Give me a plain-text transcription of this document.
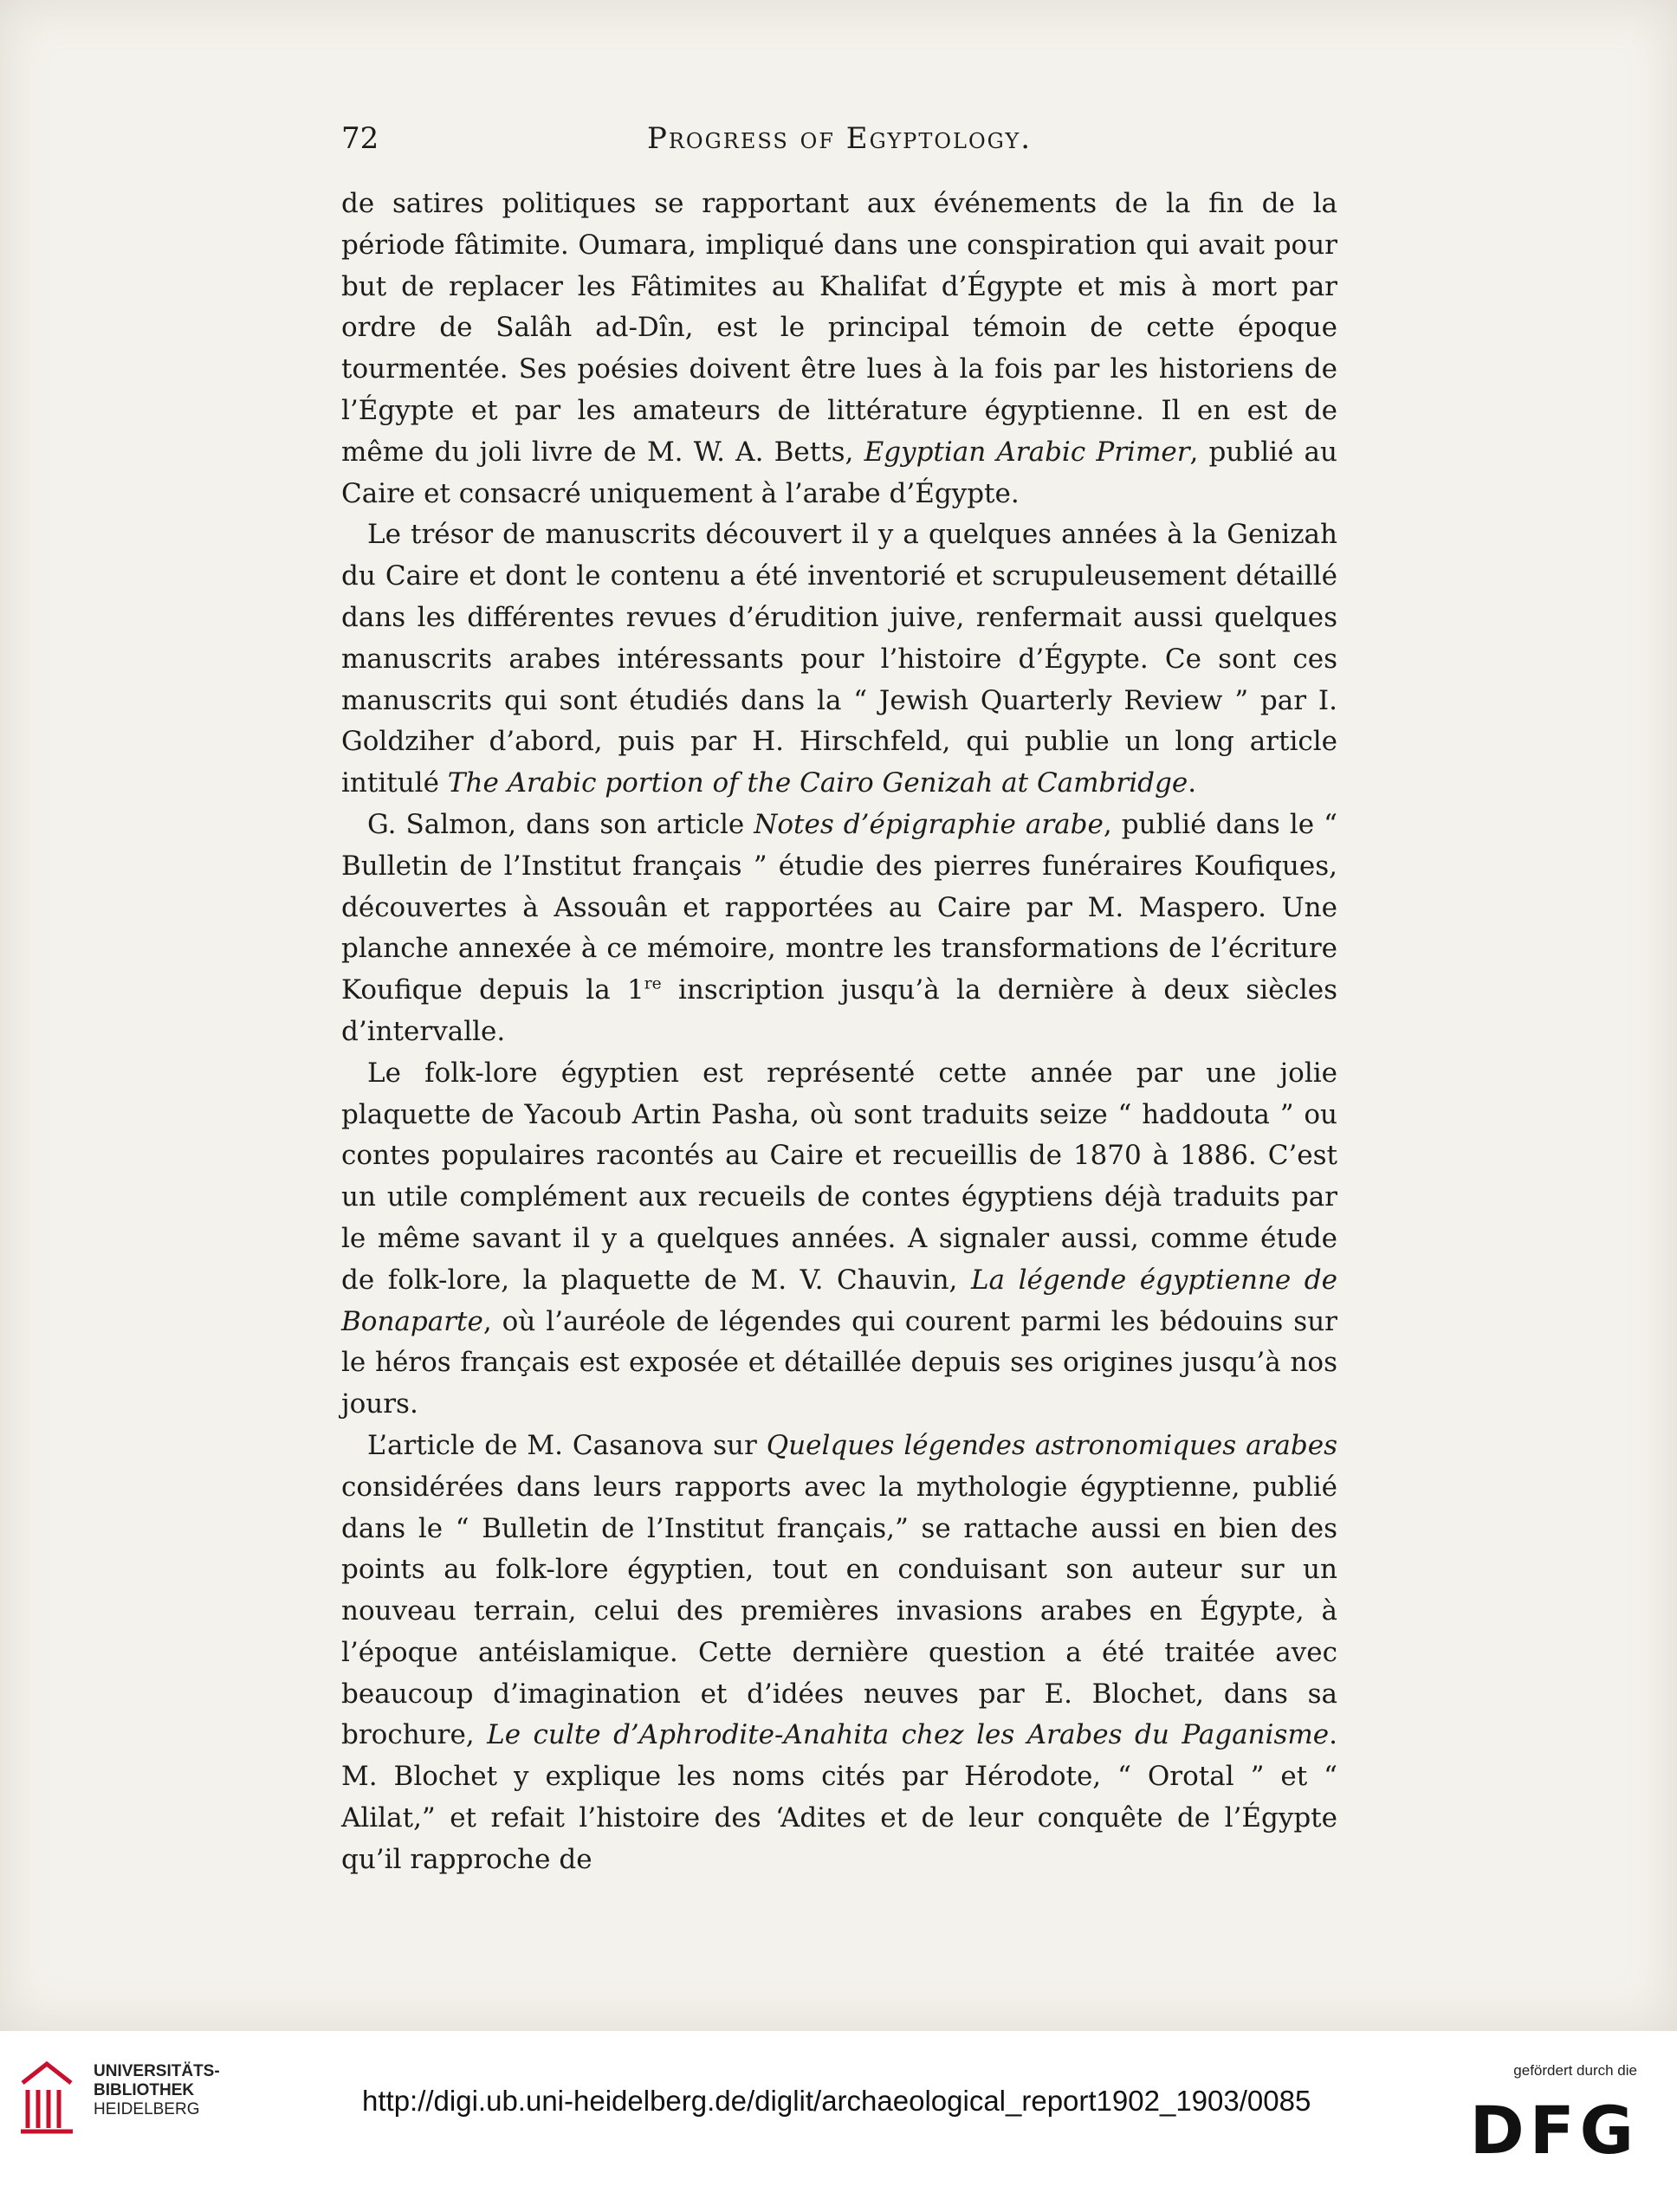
72	Progress of Egyptology.

de satires politiques se rapportant aux événements de la fin de la période fâtimite. Oumara, impliqué dans une conspiration qui avait pour but de replacer les Fâtimites au Khalifat d’Égypte et mis à mort par ordre de Salâh ad-Dîn, est le principal témoin de cette époque tourmentée. Ses poésies doivent être lues à la fois par les historiens de l’Égypte et par les amateurs de littérature égyptienne. Il en est de même du joli livre de M. W. A. Betts, Egyptian Arabic Primer, publié au Caire et consacré uniquement à l’arabe d’Égypte.

Le trésor de manuscrits découvert il y a quelques années à la Genizah du Caire et dont le contenu a été inventorié et scrupuleusement détaillé dans les différentes revues d’érudition juive, renfermait aussi quelques manuscrits arabes intéressants pour l’histoire d’Égypte. Ce sont ces manuscrits qui sont étudiés dans la “ Jewish Quarterly Review ” par I. Goldziher d’abord, puis par H. Hirschfeld, qui publie un long article intitulé The Arabic portion of the Cairo Genizah at Cambridge.

G. Salmon, dans son article Notes d’épigraphie arabe, publié dans le “ Bulletin de l’Institut français ” étudie des pierres funéraires Koufiques, découvertes à Assouân et rapportées au Caire par M. Maspero. Une planche annexée à ce mémoire, montre les transformations de l’écriture Koufique depuis la 1re inscription jusqu’à la dernière à deux siècles d’intervalle.

Le folk-lore égyptien est représenté cette année par une jolie plaquette de Yacoub Artin Pasha, où sont traduits seize “ haddouta ” ou contes populaires racontés au Caire et recueillis de 1870 à 1886. C’est un utile complément aux recueils de contes égyptiens déjà traduits par le même savant il y a quelques années. A signaler aussi, comme étude de folk-lore, la plaquette de M. V. Chauvin, La légende égyptienne de Bonaparte, où l’auréole de légendes qui courent parmi les bédouins sur le héros français est exposée et détaillée depuis ses origines jusqu’à nos jours.

L’article de M. Casanova sur Quelques légendes astronomiques arabes considérées dans leurs rapports avec la mythologie égyptienne, publié dans le “ Bulletin de l’Institut français,” se rattache aussi en bien des points au folk-lore égyptien, tout en conduisant son auteur sur un nouveau terrain, celui des premières invasions arabes en Égypte, à l’époque antéislamique. Cette dernière question a été traitée avec beaucoup d’imagination et d’idées neuves par E. Blochet, dans sa brochure, Le culte d’Aphrodite-Anahita chez les Arabes du Paganisme. M. Blochet y explique les noms cités par Hérodote, “ Orotal ” et “ Alilat,” et refait l’histoire des ‘Adites et de leur conquête de l’Égypte qu’il rapproche de

UNIVERSITÄTS-
BIBLIOTHEK
HEIDELBERG	http://digi.ub.uni-heidelberg.de/diglit/archaeological_report1902_1903/0085
gefördert durch die
DFG
